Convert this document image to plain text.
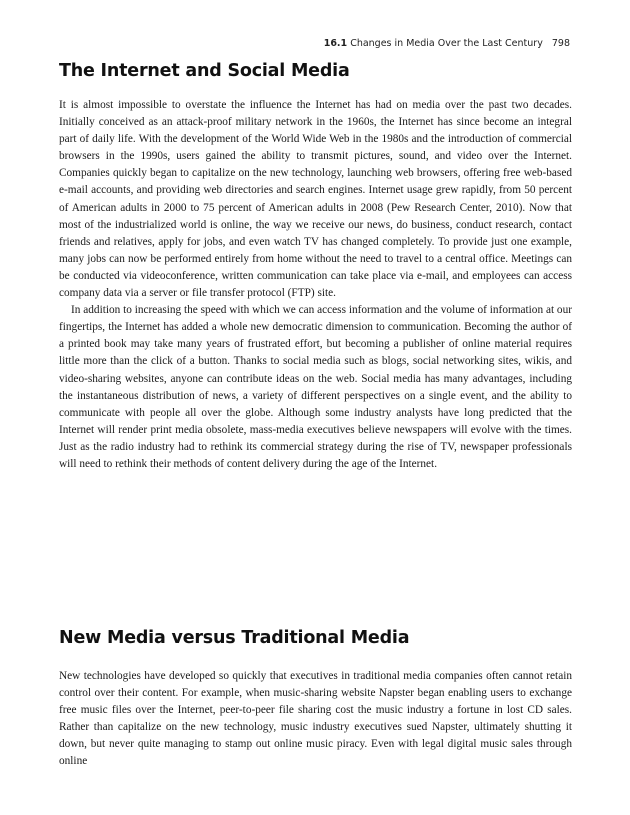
16.1 Changes in Media Over the Last Century 798
The Internet and Social Media

It is almost impossible to overstate the influence the Internet has had on media over the past two decades. Initially conceived as an attack-proof military network in the 1960s, the Internet has since become an integral part of daily life. With the development of the World Wide Web in the 1980s and the introduction of commercial browsers in the 1990s, users gained the ability to transmit pictures, sound, and video over the Internet. Companies quickly began to capitalize on the new technology, launching web browsers, offering free web-based e-mail accounts, and providing web directories and search engines. Internet usage grew rapidly, from 50 percent of American adults in 2000 to 75 percent of American adults in 2008 (Pew Research Center, 2010). Now that most of the industrialized world is online, the way we receive our news, do business, conduct research, contact friends and relatives, apply for jobs, and even watch TV has changed completely. To provide just one example, many jobs can now be performed entirely from home without the need to travel to a central office. Meetings can be conducted via videoconference, written communication can take place via e-mail, and employees can access company data via a server or file transfer protocol (FTP) site.

In addition to increasing the speed with which we can access information and the volume of information at our fingertips, the Internet has added a whole new democratic dimension to communication. Becoming the author of a printed book may take many years of frustrated effort, but becoming a publisher of online material requires little more than the click of a button. Thanks to social media such as blogs, social networking sites, wikis, and video-sharing websites, anyone can contribute ideas on the web. Social media has many advantages, including the instantaneous distribution of news, a variety of different perspectives on a single event, and the ability to communicate with people all over the globe. Although some industry analysts have long predicted that the Internet will render print media obsolete, mass-media executives believe newspapers will evolve with the times. Just as the radio industry had to rethink its commercial strategy during the rise of TV, newspaper professionals will need to rethink their methods of content delivery during the age of the Internet.

New Media versus Traditional Media

New technologies have developed so quickly that executives in traditional media companies often cannot retain control over their content. For example, when music-sharing website Napster began enabling users to exchange free music files over the Internet, peer-to-peer file sharing cost the music industry a fortune in lost CD sales. Rather than capitalize on the new technology, music industry executives sued Napster, ultimately shutting it down, but never quite managing to stamp out online music piracy. Even with legal digital music sales through online
